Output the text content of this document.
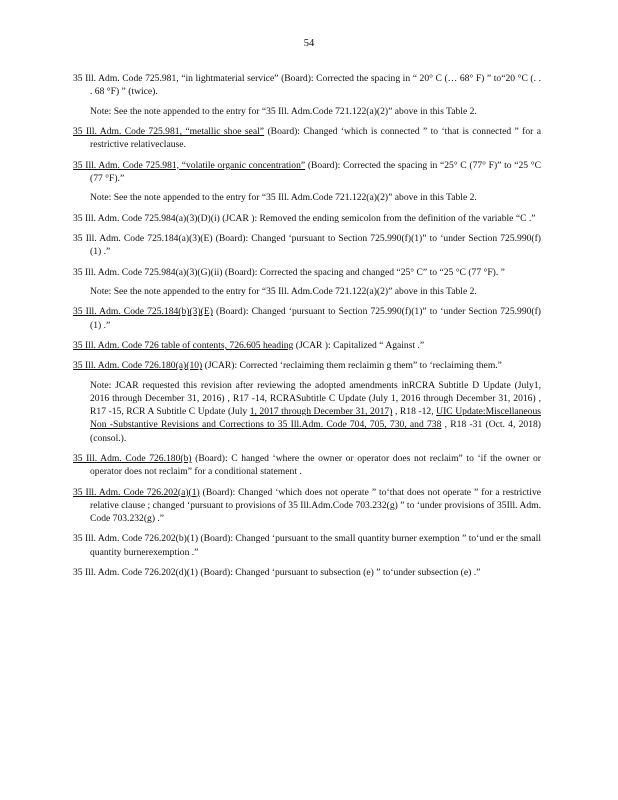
54

35 Ill. Adm. Code 725.981, “in lightmaterial service” (Board): Corrected the spacing in “ 20° C (… 68° F) ” to“20 °C (. . . 68 °F) ” (twice).

Note: See the note appended to the entry for “35 Ill. Adm.Code 721.122(a)(2)” above in this Table 2.

35 Ill. Adm. Code 725.981, “metallic shoe seal” (Board): Changed ‘which is connected ” to ‘that is connected ” for a restrictive relativeclause.

35 Ill. Adm. Code 725.981, “volatile organic concentration” (Board): Corrected the spacing in “25° C (77° F)” to “25 °C (77 °F).”

Note: See the note appended to the entry for “35 Ill. Adm.Code 721.122(a)(2)” above in this Table 2.

35 Ill. Adm. Code 725.984(a)(3)(D)(i) (JCAR ): Removed the ending semicolon from the definition of the variable “C .”

35 Ill. Adm. Code 725.184(a)(3)(E) (Board): Changed ‘pursuant to Section 725.990(f)(1)” to ‘under Section 725.990(f)(1) .”

35 Ill. Adm. Code 725.984(a)(3)(G)(ii) (Board): Corrected the spacing and changed “25° C” to “25 °C (77 °F). ”

Note: See the note appended to the entry for “35 Ill. Adm.Code 721.122(a)(2)” above in this Table 2.

35 Ill. Adm. Code 725.184(b)(3)(E) (Board): Changed ‘pursuant to Section 725.990(f)(1)” to ‘under Section 725.990(f)(1) .”

35 Ill. Adm. Code 726 table of contents, 726.605 heading (JCAR ): Capitalized “ Against .”

35 Ill. Adm. Code 726.180(a)(10) (JCAR): Corrected ‘reclaiming them reclaimin g them” to ‘reclaiming them.”

Note: JCAR requested this revision after reviewing the adopted amendments inRCRA Subtitle D Update (July1, 2016 through December 31, 2016) , R17 -14, RCRASubtitle C Update (July 1, 2016 through December 31, 2016) , R17 -15, RCR A Subtitle C Update (July 1, 2017 through December 31, 2017) , R18 -12, UIC Update:Miscellaneous Non -Substantive Revisions and Corrections to 35 Ill.Adm. Code 704, 705, 730, and 738 , R18 -31 (Oct. 4, 2018) (consol.).

35 Ill. Adm. Code 726.180(b) (Board): C hanged ‘where the owner or operator does not reclaim” to ‘if the owner or operator does not reclaim” for a conditional statement .

35 Ill. Adm. Code 726.202(a)(1) (Board): Changed ‘which does not operate ” to‘that does not operate ” for a restrictive relative clause ; changed ‘pursuant to provisions of 35 Ill.Adm.Code 703.232(g) ” to ‘under provisions of 35Ill. Adm. Code 703.232(g) .”

35 Ill. Adm. Code 726.202(b)(1) (Board): Changed ‘pursuant to the small quantity burner exemption ” to‘und er the small quantity burnerexemption .”

35 Ill. Adm. Code 726.202(d)(1) (Board): Changed ‘pursuant to subsection (e) ” to‘under subsection (e) .”
